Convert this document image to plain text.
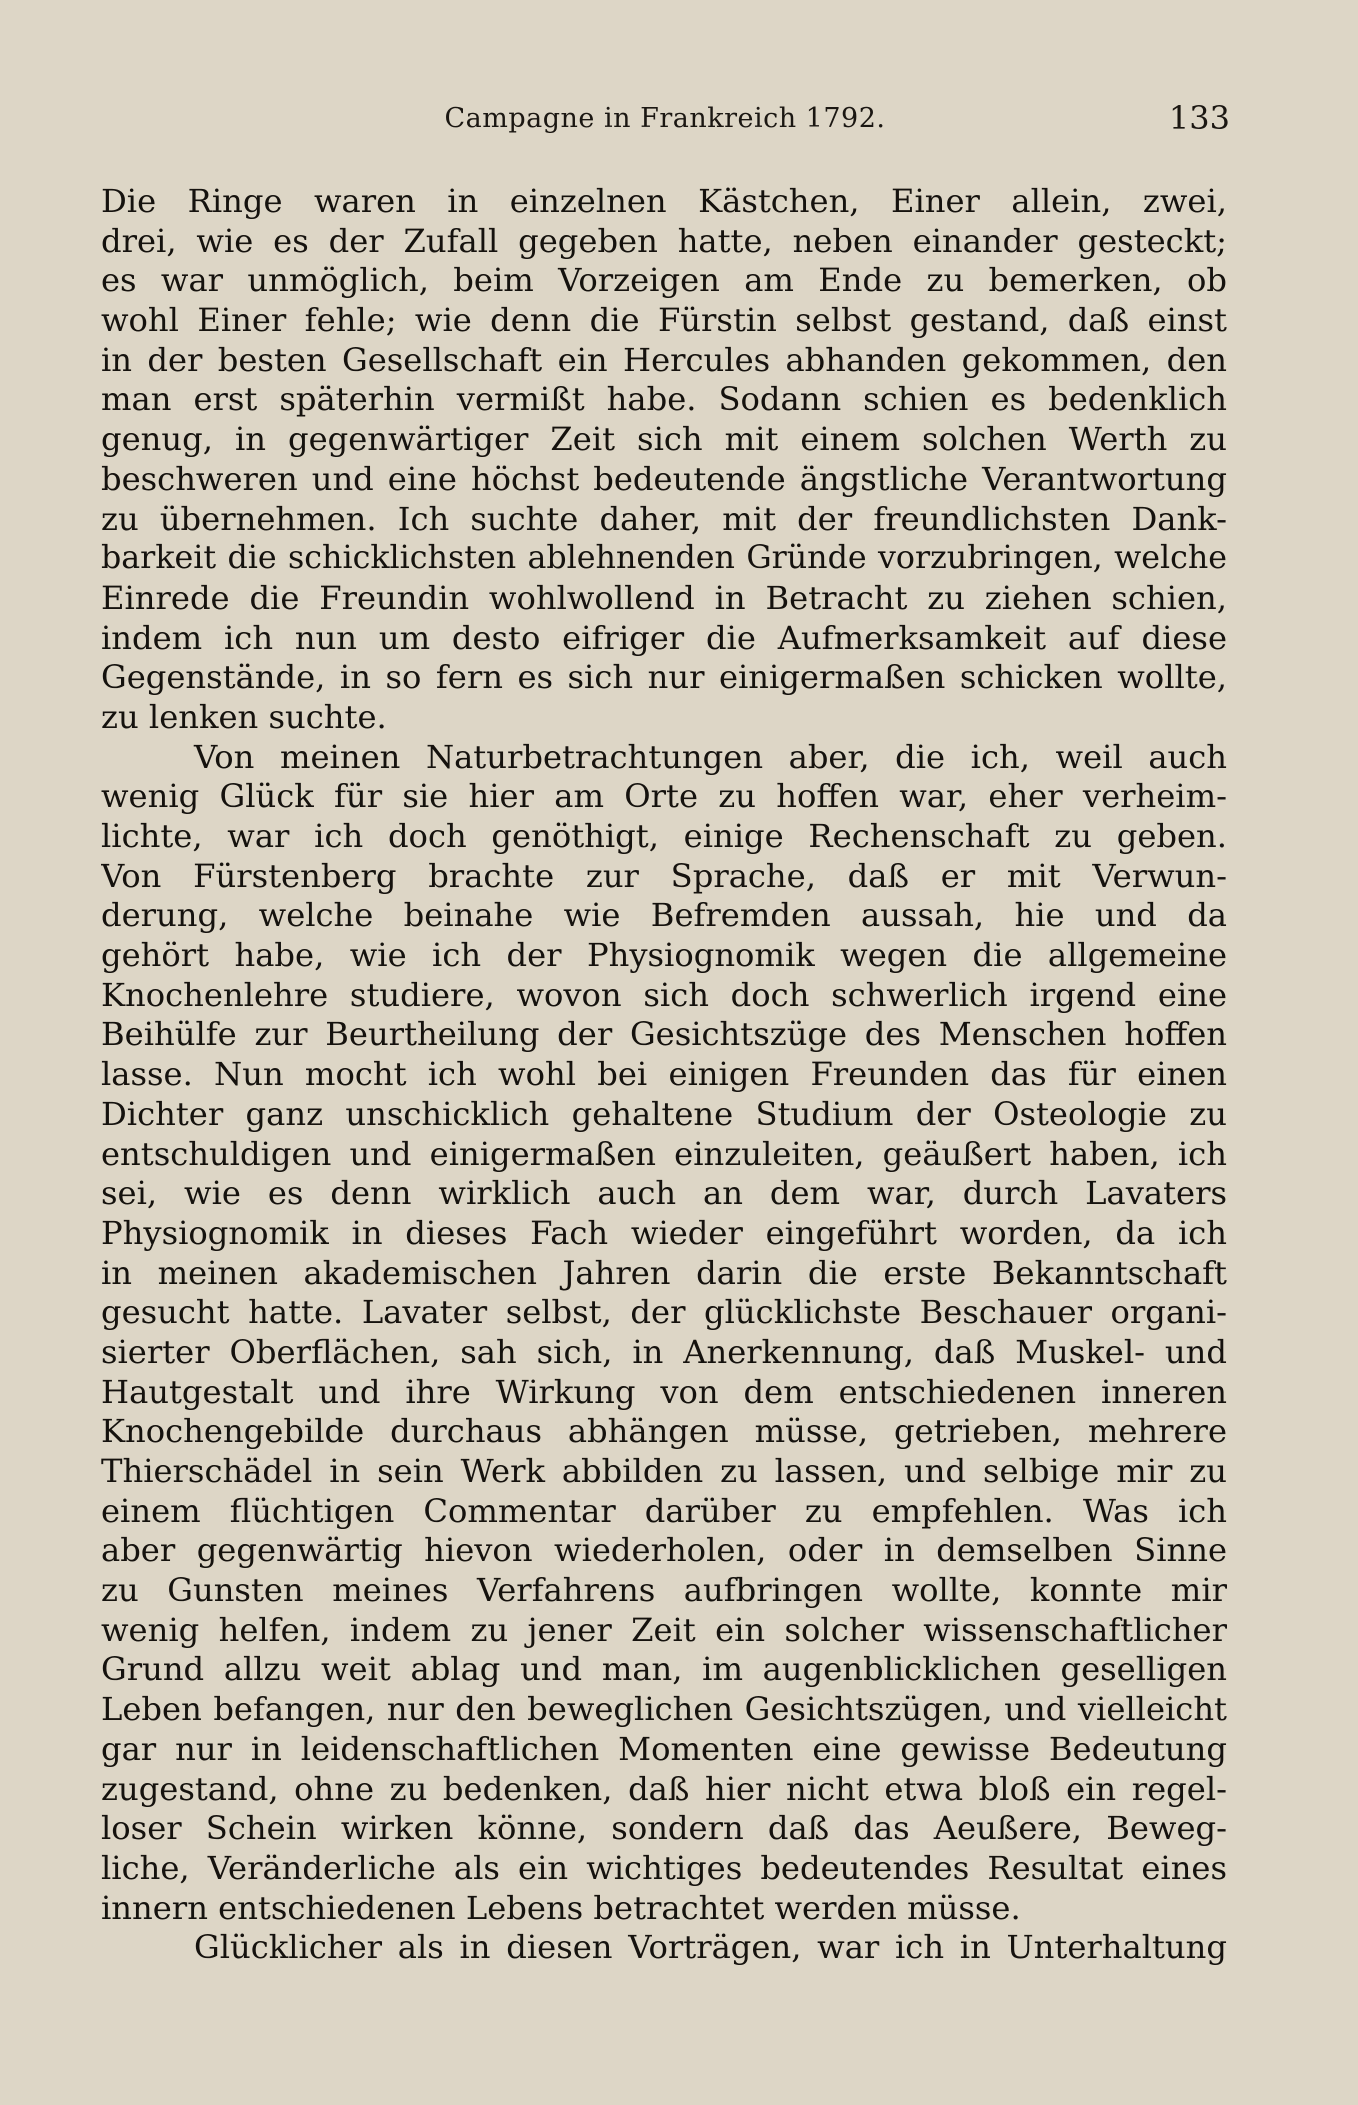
Campagne in Frankreich 1792.	133
Die Ringe waren in einzelnen Kästchen, Einer allein, zwei,
drei, wie es der Zufall gegeben hatte, neben einander gesteckt;
es war unmöglich, beim Vorzeigen am Ende zu bemerken, ob
wohl Einer fehle; wie denn die Fürstin selbst gestand, daß einst
in der besten Gesellschaft ein Hercules abhanden gekommen, den
man erst späterhin vermißt habe. Sodann schien es bedenklich
genug, in gegenwärtiger Zeit sich mit einem solchen Werth zu
beschweren und eine höchst bedeutende ängstliche Verantwortung
zu übernehmen. Ich suchte daher, mit der freundlichsten Dank-
barkeit die schicklichsten ablehnenden Gründe vorzubringen, welche
Einrede die Freundin wohlwollend in Betracht zu ziehen schien,
indem ich nun um desto eifriger die Aufmerksamkeit auf diese
Gegenstände, in so fern es sich nur einigermaßen schicken wollte,
zu lenken suchte.
Von meinen Naturbetrachtungen aber, die ich, weil auch
wenig Glück für sie hier am Orte zu hoffen war, eher verheim-
lichte, war ich doch genöthigt, einige Rechenschaft zu geben.
Von Fürstenberg brachte zur Sprache, daß er mit Verwun-
derung, welche beinahe wie Befremden aussah, hie und da
gehört habe, wie ich der Physiognomik wegen die allgemeine
Knochenlehre studiere, wovon sich doch schwerlich irgend eine
Beihülfe zur Beurtheilung der Gesichtszüge des Menschen hoffen
lasse. Nun mocht ich wohl bei einigen Freunden das für einen
Dichter ganz unschicklich gehaltene Studium der Osteologie zu
entschuldigen und einigermaßen einzuleiten, geäußert haben, ich
sei, wie es denn wirklich auch an dem war, durch Lavaters
Physiognomik in dieses Fach wieder eingeführt worden, da ich
in meinen akademischen Jahren darin die erste Bekanntschaft
gesucht hatte. Lavater selbst, der glücklichste Beschauer organi-
sierter Oberflächen, sah sich, in Anerkennung, daß Muskel- und
Hautgestalt und ihre Wirkung von dem entschiedenen inneren
Knochengebilde durchaus abhängen müsse, getrieben, mehrere
Thierschädel in sein Werk abbilden zu lassen, und selbige mir zu
einem flüchtigen Commentar darüber zu empfehlen. Was ich
aber gegenwärtig hievon wiederholen, oder in demselben Sinne
zu Gunsten meines Verfahrens aufbringen wollte, konnte mir
wenig helfen, indem zu jener Zeit ein solcher wissenschaftlicher
Grund allzu weit ablag und man, im augenblicklichen geselligen
Leben befangen, nur den beweglichen Gesichtszügen, und vielleicht
gar nur in leidenschaftlichen Momenten eine gewisse Bedeutung
zugestand, ohne zu bedenken, daß hier nicht etwa bloß ein regel-
loser Schein wirken könne, sondern daß das Aeußere, Beweg-
liche, Veränderliche als ein wichtiges bedeutendes Resultat eines
innern entschiedenen Lebens betrachtet werden müsse.
Glücklicher als in diesen Vorträgen, war ich in Unterhaltung
